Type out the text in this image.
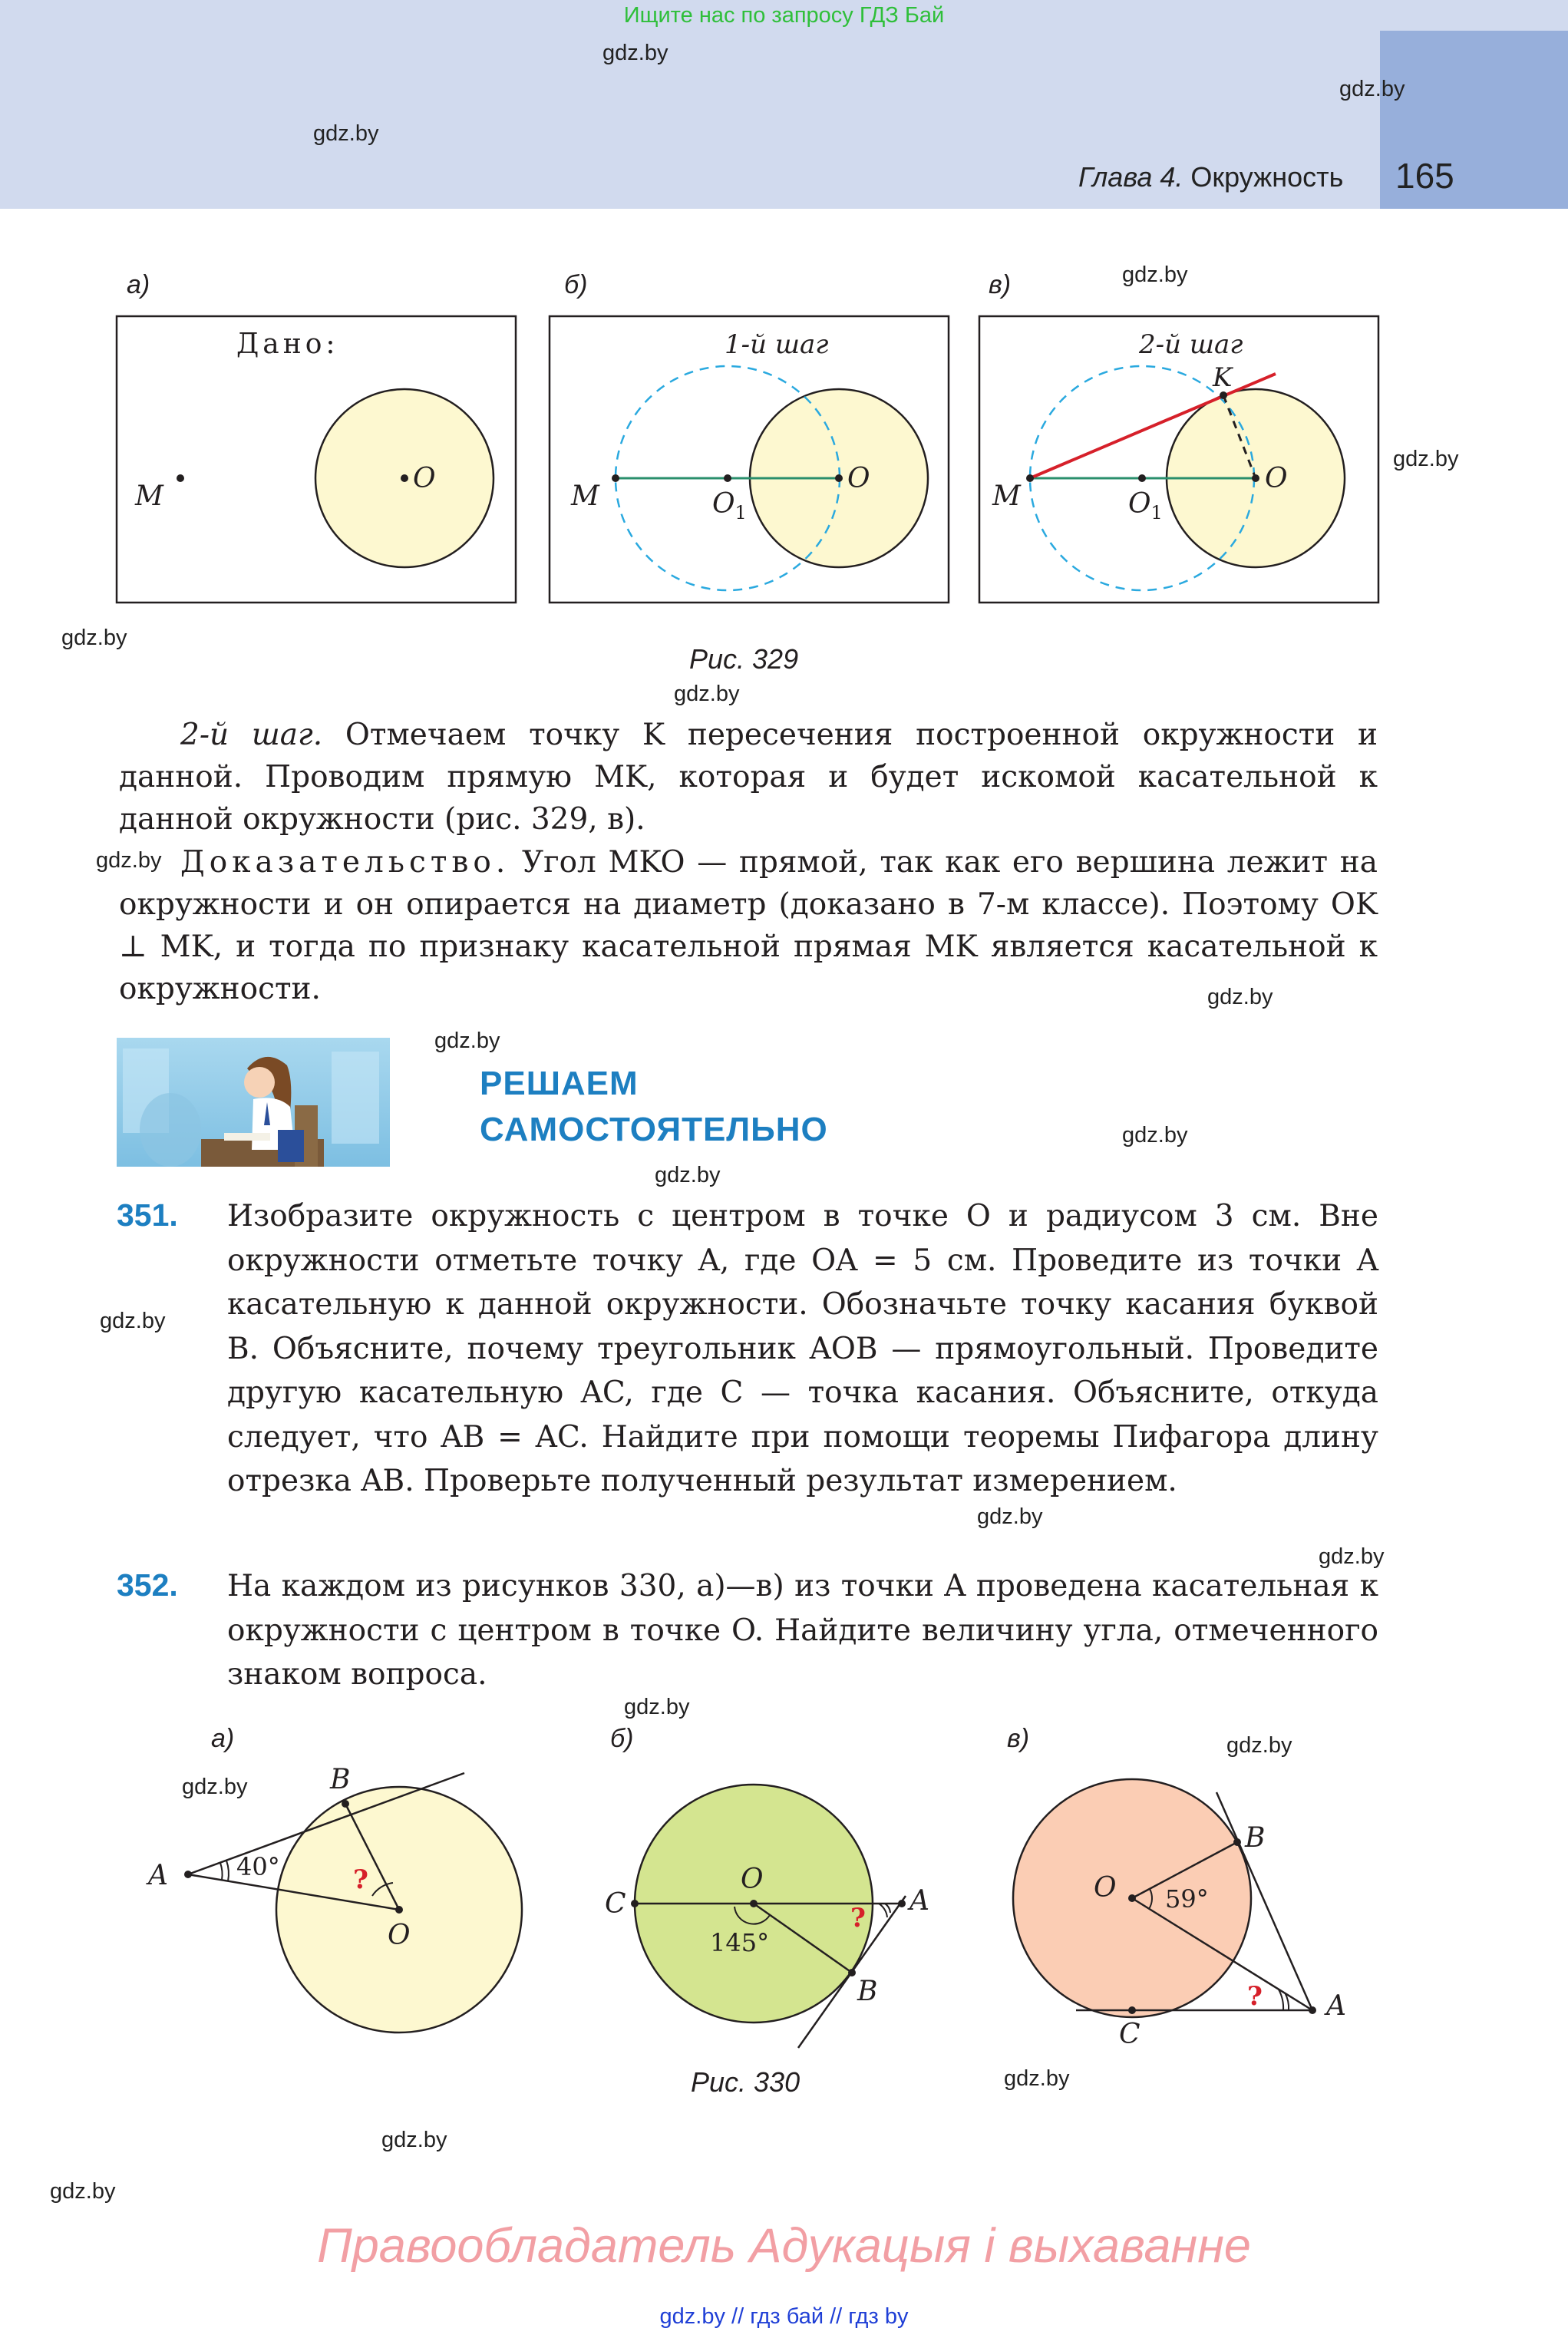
Ищите нас по запросу ГДЗ Бай
Глава 4. Окружность 165
gdz.by
gdz.by
gdz.by
gdz.by
gdz.by
gdz.by
gdz.by
gdz.by
gdz.by
gdz.by
gdz.by
gdz.by
gdz.by
gdz.by
gdz.by
gdz.by
gdz.by
gdz.by
gdz.by
gdz.by
gdz.by
а)	б)	в)
Дано:
O
M
1-й шаг
M	$O_1$
O
2-й шаг
M	$O_1$
O
K
Рис. 329
2-й шаг. Отмечаем точку K пересечения построенной окружности и данной. Проводим прямую MK, которая и будет искомой касательной к данной окружности (рис. 329, в).
Доказательство. Угол MKO — прямой, так как его вершина лежит на окружности и он опирается на диаметр (доказано в 7-м классе). Поэтому OK ⊥ MK, и тогда по признаку касательной прямая MK является касательной к окружности.
РЕШАЕМ
САМОСТОЯТЕЛЬНО
351. Изобразите окружность с центром в точке O и радиусом 3 см. Вне окружности отметьте точку A, где OA = 5 см. Проведите из точки A касательную к данной окружности. Обозначьте точку касания буквой B. Объясните, почему треугольник AOB — прямоугольный. Проведите другую касательную AC, где C — точка касания. Объясните, откуда следует, что AB = AC. Найдите при помощи теоремы Пифагора длину отрезка AB. Проверьте полученный результат измерением.
352. На каждом из рисунков 330, а)—в) из точки A проведена касательная к окружности с центром в точке O. Найдите величину угла, отмеченного знаком вопроса.
а)	б)	в)
A
B
O
40°	?
C
O
A
B
145°
?
O
B
C
A
59°
?
Рис. 330
Правообладатель Адукацыя і выхаванне
gdz.by // гдз бай // гдз by
